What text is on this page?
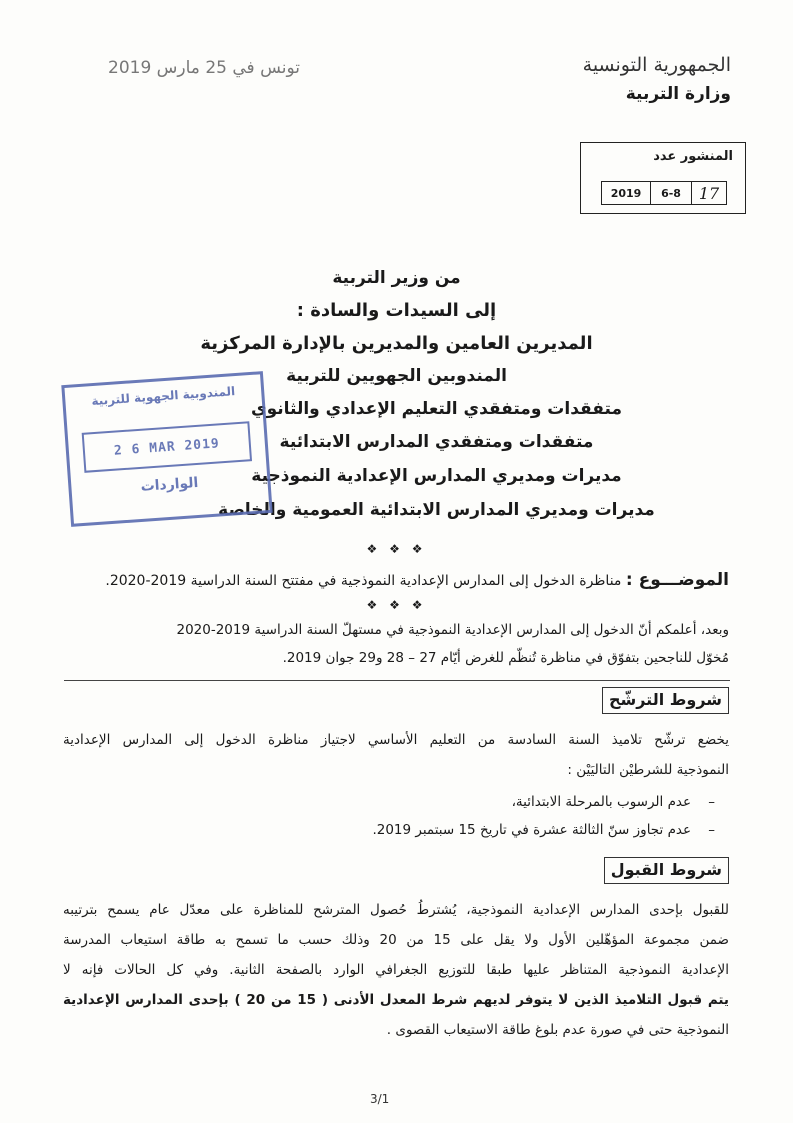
الجمهورية التونسية
وزارة التربية
تونس في 25 مارس 2019
المنشور عدد
2019	6-8	17
من وزير التربية
إلى السيدات والسادة :
المديرين العامين والمديرين بالإدارة المركزية
المندوبين الجهويين للتربية
متفقدات ومتفقدي التعليم الإعدادي والثانوي
متفقدات ومتفقدي المدارس الابتدائية
مديرات ومديري المدارس الإعدادية النموذجية
مديرات ومديري المدارس الابتدائية العمومية والخاصة
المندوبية الجهوية للتربية
2 6 MAR 2019
الواردات
❖ ❖ ❖
الموضـــوع : مناظرة الدخول إلى المدارس الإعدادية النموذجية في مفتتح السنة الدراسية 2019-2020.
❖ ❖ ❖
وبعد، أعلمكم أنّ الدخول إلى المدارس الإعدادية النموذجية في مستهلّ السنة الدراسية 2019-2020
مُخوّل للناجحين بتفوّق في مناظرة تُنظّم للغرض أيّام 27 – 28 و29 جوان 2019.
شروط الترشّح
يخضع ترشّح تلاميذ السنة السادسة من التعليم الأساسي لاجتياز مناظرة الدخول إلى المدارس الإعدادية
النموذجية للشرطيْن التاليَيْن :
–    عدم الرسوب بالمرحلة الابتدائية،
–    عدم تجاوز سنّ الثالثة عشرة في تاريخ 15 سبتمبر 2019.
شروط القبول
للقبول بإحدى المدارس الإعدادية النموذجية، يُشترطُ حُصول المترشح للمناظرة على معدّل عام يسمح بترتيبه
ضمن مجموعة المؤهّلين الأول ولا يقل على 15 من 20 وذلك حسب ما تسمح به طاقة استيعاب المدرسة
الإعدادية النموذجية المتناظر عليها طبقا للتوزيع الجغرافي الوارد بالصفحة الثانية. وفي كل الحالات فإنه لا
يتم قبول التلاميذ الذين لا يتوفر لديهم شرط المعدل الأدنى ( 15 من 20 ) بإحدى المدارس الإعدادية
النموذجية حتى في صورة عدم بلوغ طاقة الاستيعاب القصوى .
3/1
